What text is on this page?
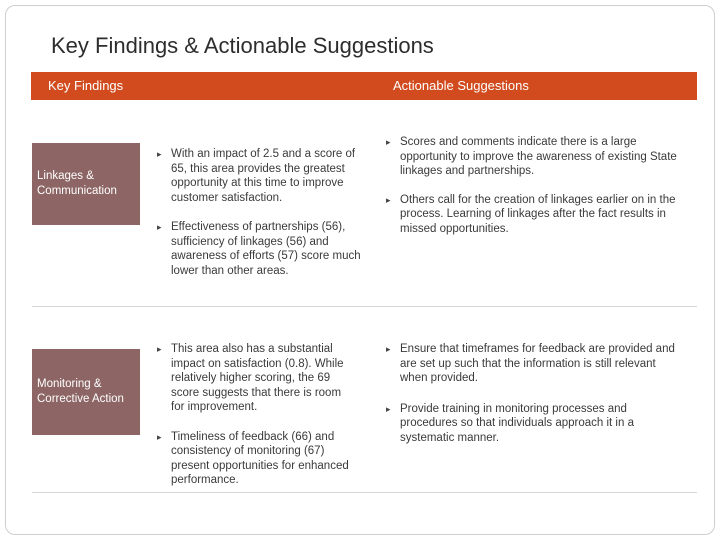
Key Findings & Actionable Suggestions
Key Findings	Actionable Suggestions
Linkages & Communication
▸ With an impact of 2.5 and a score of 65, this area provides the greatest opportunity at this time to improve customer satisfaction.
▸ Effectiveness of partnerships (56), sufficiency of linkages (56) and awareness of efforts (57) score much lower than other areas.
▸ Scores and comments indicate there is a large opportunity to improve the awareness of existing State linkages and partnerships.
▸ Others call for the creation of linkages earlier on in the process. Learning of linkages after the fact results in missed opportunities.
Monitoring & Corrective Action
▸ This area also has a substantial impact on satisfaction (0.8). While relatively higher scoring, the 69 score suggests that there is room for improvement.
▸ Timeliness of feedback (66) and consistency of monitoring (67) present opportunities for enhanced performance.
▸ Ensure that timeframes for feedback are provided and are set up such that the information is still relevant when provided.
▸ Provide training in monitoring processes and procedures so that individuals approach it in a systematic manner.
